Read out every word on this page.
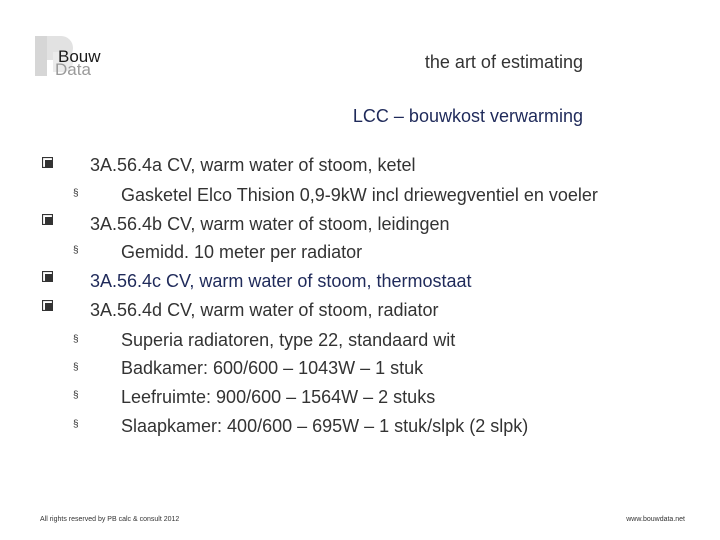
Bouw
Data	the art of estimating
LCC – bouwkost verwarming
§
§
§
§
§
§
3A.56.4a CV, warm water of stoom, ketel
Gasketel Elco Thision 0,9-9kW incl driewegventiel en voeler
3A.56.4b CV, warm water of stoom, leidingen
Gemidd. 10 meter per radiator
3A.56.4c CV, warm water of stoom, thermostaat
3A.56.4d CV, warm water of stoom, radiator
Superia radiatoren, type 22, standaard wit
Badkamer: 600/600 – 1043W – 1 stuk
Leefruimte: 900/600 – 1564W – 2 stuks
Slaapkamer: 400/600 – 695W – 1 stuk/slpk (2 slpk)
All rights reserved by PB calc & consult 2012	www.bouwdata.net
